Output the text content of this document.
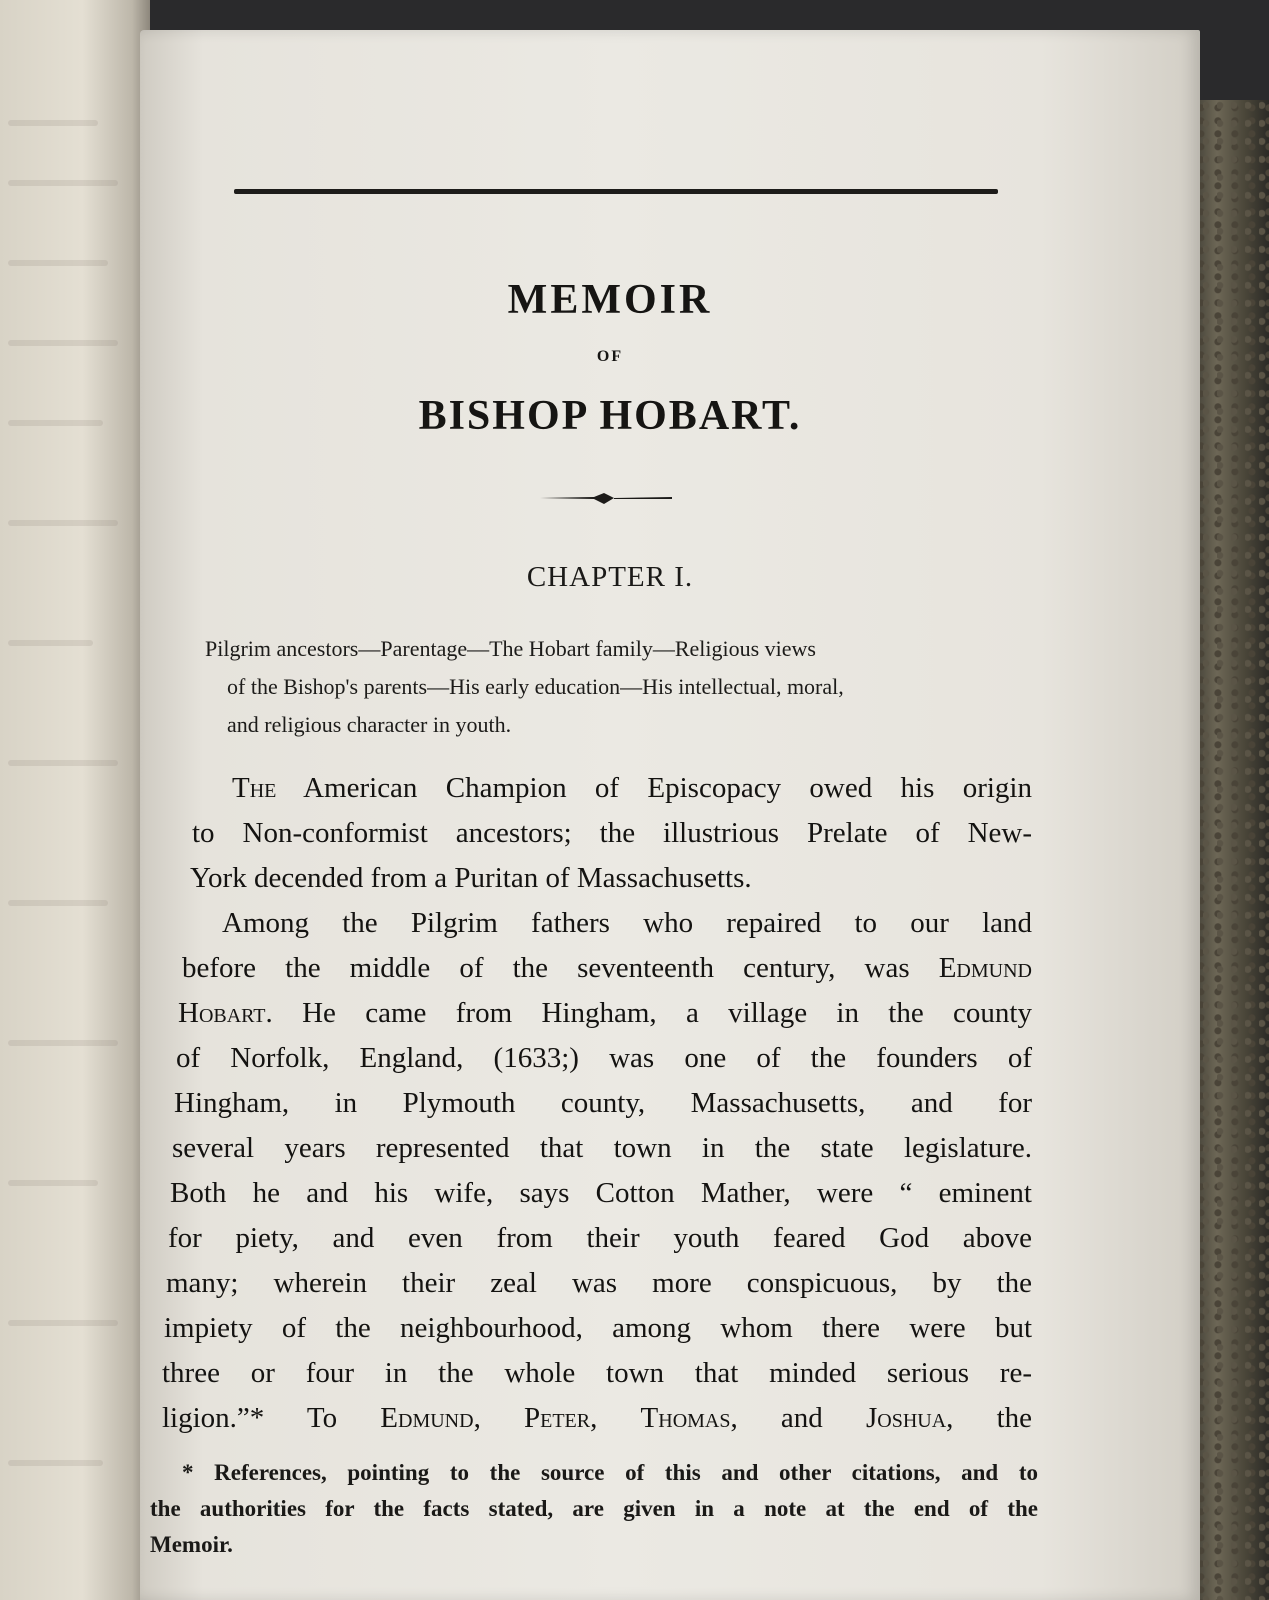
MEMOIR
OF
BISHOP HOBART.
CHAPTER I.

Pilgrim ancestors—Parentage—The Hobart family—Religious views

of the Bishop's parents—His early education—His intellectual, moral,

and religious character in youth.

The American Champion of Episcopacy owed his origin
to Non-conformist ancestors; the illustrious Prelate of New-
York decended from a Puritan of Massachusetts.
Among the Pilgrim fathers who repaired to our land
before the middle of the seventeenth century, was Edmund
Hobart. He came from Hingham, a village in the county
of Norfolk, England, (1633;) was one of the founders of
Hingham, in Plymouth county, Massachusetts, and for
several years represented that town in the state legislature.
Both he and his wife, says Cotton Mather, were “ eminent
for piety, and even from their youth feared God above
many; wherein their zeal was more conspicuous, by the
impiety of the neighbourhood, among whom there were but
three or four in the whole town that minded serious re-
ligion.”* To Edmund, Peter, Thomas, and Joshua, the
* References, pointing to the source of this and other citations, and to
the authorities for the facts stated, are given in a note at the end of the
Memoir.
